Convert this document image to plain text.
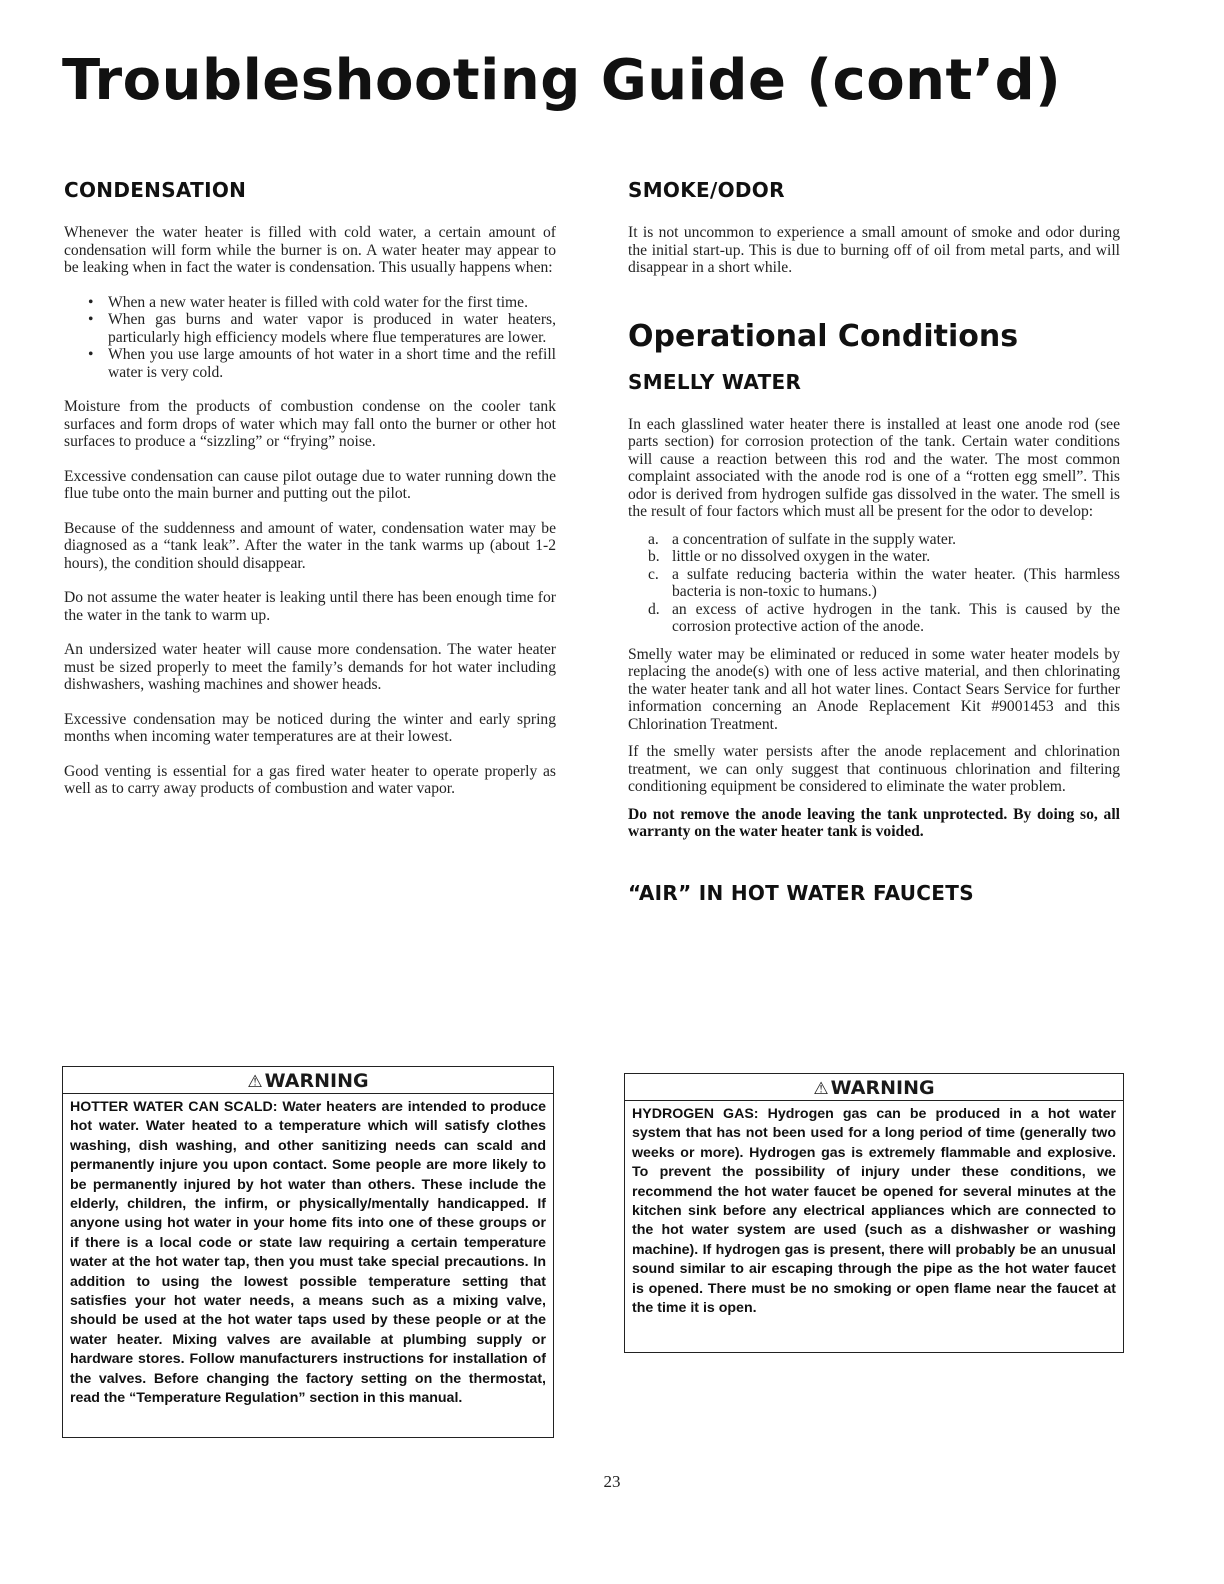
Troubleshooting Guide (cont’d)
CONDENSATION

Whenever the water heater is filled with cold water, a certain amount of condensation will form while the burner is on. A water heater may appear to be leaking when in fact the water is condensation. This usually happens when:

• When a new water heater is filled with cold water for the first time.
• When gas burns and water vapor is produced in water heaters, particularly high efficiency models where flue temperatures are lower.
• When you use large amounts of hot water in a short time and the refill water is very cold.

Moisture from the products of combustion condense on the cooler tank surfaces and form drops of water which may fall onto the burner or other hot surfaces to produce a “sizzling” or “frying” noise.

Excessive condensation can cause pilot outage due to water running down the flue tube onto the main burner and putting out the pilot.

Because of the suddenness and amount of water, condensation water may be diagnosed as a “tank leak”. After the water in the tank warms up (about 1-2 hours), the condition should disappear.

Do not assume the water heater is leaking until there has been enough time for the water in the tank to warm up.

An undersized water heater will cause more condensation. The water heater must be sized properly to meet the family’s demands for hot water including dishwashers, washing machines and shower heads.

Excessive condensation may be noticed during the winter and early spring months when incoming water temperatures are at their lowest.

Good venting is essential for a gas fired water heater to operate properly as well as to carry away products of combustion and water vapor.

⚠ WARNING
HOTTER WATER CAN SCALD: Water heaters are intended to produce hot water. Water heated to a temperature which will satisfy clothes washing, dish washing, and other sanitizing needs can scald and permanently injure you upon contact. Some people are more likely to be permanently injured by hot water than others. These include the elderly, children, the infirm, or physically/mentally handicapped. If anyone using hot water in your home fits into one of these groups or if there is a local code or state law requiring a certain temperature water at the hot water tap, then you must take special precautions. In addition to using the lowest possible temperature setting that satisfies your hot water needs, a means such as a mixing valve, should be used at the hot water taps used by these people or at the water heater. Mixing valves are available at plumbing supply or hardware stores. Follow manufacturers instructions for installation of the valves. Before changing the factory setting on the thermostat, read the “Temperature Regulation” section in this manual.
SMOKE/ODOR

It is not uncommon to experience a small amount of smoke and odor during the initial start-up. This is due to burning off of oil from metal parts, and will disappear in a short while.

Operational Conditions
SMELLY WATER

In each glasslined water heater there is installed at least one anode rod (see parts section) for corrosion protection of the tank. Certain water conditions will cause a reaction between this rod and the water. The most common complaint associated with the anode rod is one of a “rotten egg smell”. This odor is derived from hydrogen sulfide gas dissolved in the water. The smell is the result of four factors which must all be present for the odor to develop:

a. a concentration of sulfate in the supply water.
b. little or no dissolved oxygen in the water.
c. a sulfate reducing bacteria within the water heater. (This harmless bacteria is non-toxic to humans.)
d. an excess of active hydrogen in the tank. This is caused by the corrosion protective action of the anode.

Smelly water may be eliminated or reduced in some water heater models by replacing the anode(s) with one of less active material, and then chlorinating the water heater tank and all hot water lines. Contact Sears Service for further information concerning an Anode Replacement Kit #9001453 and this Chlorination Treatment.

If the smelly water persists after the anode replacement and chlorination treatment, we can only suggest that continuous chlorination and filtering conditioning equipment be considered to eliminate the water problem.

Do not remove the anode leaving the tank unprotected. By doing so, all warranty on the water heater tank is voided.

“AIR” IN HOT WATER FAUCETS
⚠ WARNING
HYDROGEN GAS: Hydrogen gas can be produced in a hot water system that has not been used for a long period of time (generally two weeks or more). Hydrogen gas is extremely flammable and explosive. To prevent the possibility of injury under these conditions, we recommend the hot water faucet be opened for several minutes at the kitchen sink before any electrical appliances which are connected to the hot water system are used (such as a dishwasher or washing machine). If hydrogen gas is present, there will probably be an unusual sound similar to air escaping through the pipe as the hot water faucet is opened. There must be no smoking or open flame near the faucet at the time it is open.
23
